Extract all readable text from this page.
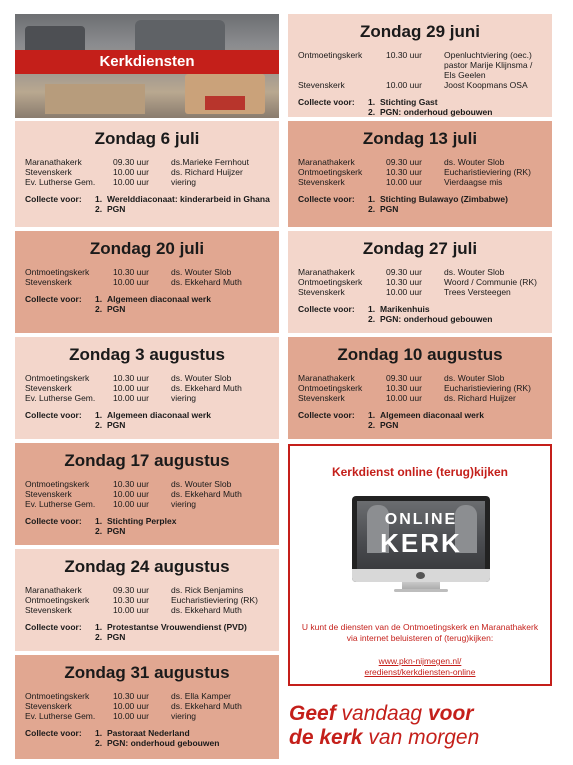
Kerkdiensten
Zondag 29 juni
Ontmoetingskerk	10.30 uur	Openluchtviering (oec.) pastor Marije Klijnsma / Els Geelen
Stevenskerk	10.00 uur	Joost Koopmans OSA
Collecte voor:	1. Stichting Gast
2. PGN: onderhoud gebouwen
Zondag 6 juli
Maranathakerk	09.30 uur	ds.Marieke Fernhout
Stevenskerk	10.00 uur	ds. Richard Huijzer
Ev. Lutherse Gem.	10.00 uur	viering
Collecte voor:	1. Werelddiaconaat: kinderarbeid in Ghana
2. PGN
Zondag 13 juli
Maranathakerk	09.30 uur	ds. Wouter Slob
Ontmoetingskerk	10.30 uur	Eucharistieviering (RK)
Stevenskerk	10.00 uur	Vierdaagse mis
Collecte voor:	1. Stichting Bulawayo (Zimbabwe)
2. PGN
Zondag 20 juli
Ontmoetingskerk	10.30 uur	ds. Wouter Slob
Stevenskerk	10.00 uur	ds. Ekkehard Muth
Collecte voor:	1. Algemeen diaconaal werk
2. PGN
Zondag 27 juli
Maranathakerk	09.30 uur	ds. Wouter Slob
Ontmoetingskerk	10.30 uur	Woord / Communie (RK)
Stevenskerk	10.00 uur	Trees Versteegen
Collecte voor:	1. Marikenhuis
2. PGN: onderhoud gebouwen
Zondag 3 augustus
Ontmoetingskerk	10.30 uur	ds. Wouter Slob
Stevenskerk	10.00 uur	ds. Ekkehard Muth
Ev. Lutherse Gem.	10.00 uur	viering
Collecte voor:	1. Algemeen diaconaal werk
2. PGN
Zondag 10 augustus
Maranathakerk	09.30 uur	ds. Wouter Slob
Ontmoetingskerk	10.30 uur	Eucharistieviering (RK)
Stevenskerk	10.00 uur	ds. Richard Huijzer
Collecte voor:	1. Algemeen diaconaal werk
2. PGN
Zondag 17 augustus
Ontmoetingskerk	10.30 uur	ds. Wouter Slob
Stevenskerk	10.00 uur	ds. Ekkehard Muth
Ev. Lutherse Gem.	10.00 uur	viering
Collecte voor:	1. Stichting Perplex
2. PGN
Zondag 24 augustus
Maranathakerk	09.30 uur	ds. Rick Benjamins
Ontmoetingskerk	10.30 uur	Eucharistieviering (RK)
Stevenskerk	10.00 uur	ds. Ekkehard Muth
Collecte voor:	1. Protestantse Vrouwendienst (PVD)
2. PGN
Zondag 31 augustus
Ontmoetingskerk	10.30 uur	ds. Ella Kamper
Stevenskerk	10.00 uur	ds. Ekkehard Muth
Ev. Lutherse Gem.	10.00 uur	viering
Collecte voor:	1. Pastoraat Nederland
2. PGN: onderhoud gebouwen
Kerkdienst online (terug)kijken
ONLINE
KERK
U kunt de diensten van de Ontmoetingskerk en Maranathakerk via internet beluisteren of (terug)kijken:
www.pkn-nijmegen.nl/
eredienst/kerkdiensten-online
Geef vandaag voor
de kerk van morgen
